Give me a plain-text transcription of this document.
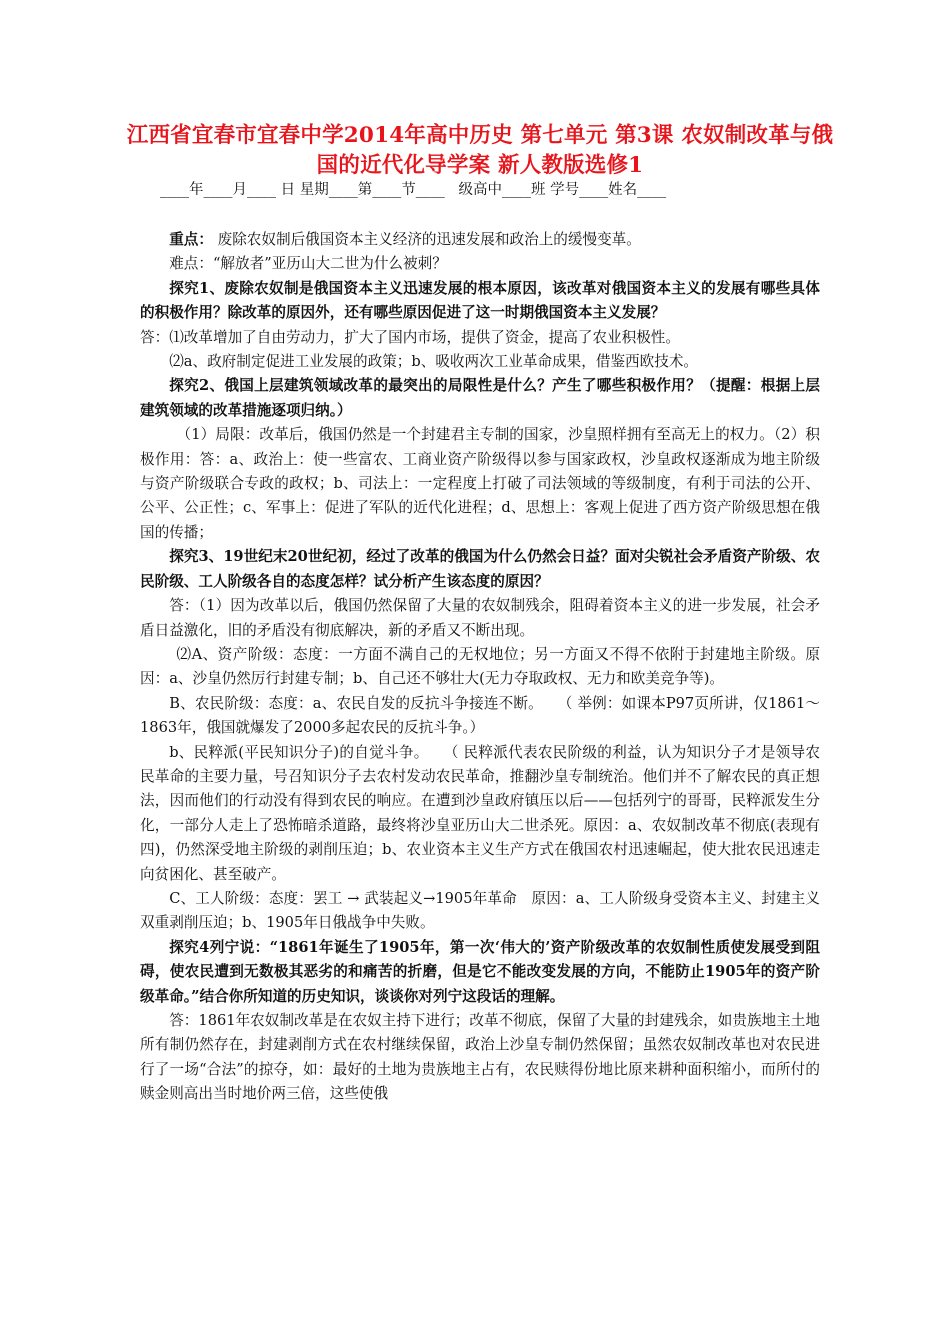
江西省宜春市宜春中学2014年高中历史 第七单元 第3课 农奴制改革与俄国的近代化导学案 新人教版选修1
____年____月____ 日 星期____第____节____   级高中____班 学号____姓名____

重点： 废除农奴制后俄国资本主义经济的迅速发展和政治上的缓慢变革。

难点：“解放者”亚历山大二世为什么被刺？

探究1、废除农奴制是俄国资本主义迅速发展的根本原因，该改革对俄国资本主义的发展有哪些具体的积极作用？除改革的原因外，还有哪些原因促进了这一时期俄国资本主义发展？

答：⑴改革增加了自由劳动力，扩大了国内市场，提供了资金，提高了农业积极性。

⑵a、政府制定促进工业发展的政策；b、吸收两次工业革命成果，借鉴西欧技术。

探究2、俄国上层建筑领域改革的最突出的局限性是什么？产生了哪些积极作用？（提醒：根据上层建筑领域的改革措施逐项归纳。）

（1）局限：改革后，俄国仍然是一个封建君主专制的国家，沙皇照样拥有至高无上的权力。（2）积极作用：答：a、政治上：使一些富农、工商业资产阶级得以参与国家政权，沙皇政权逐渐成为地主阶级与资产阶级联合专政的政权；b、司法上：一定程度上打破了司法领域的等级制度，有利于司法的公开、公平、公正性；c、军事上：促进了军队的近代化进程；d、思想上：客观上促进了西方资产阶级思想在俄国的传播；

探究3、19世纪末20世纪初，经过了改革的俄国为什么仍然会日益？面对尖锐社会矛盾资产阶级、农民阶级、工人阶级各自的态度怎样？试分析产生该态度的原因？

答：（1）因为改革以后，俄国仍然保留了大量的农奴制残余，阻碍着资本主义的进一步发展，社会矛盾日益激化，旧的矛盾没有彻底解决，新的矛盾又不断出现。

⑵A、资产阶级：态度：一方面不满自己的无权地位；另一方面又不得不依附于封建地主阶级。原因：a、沙皇仍然厉行封建专制；b、自己还不够壮大(无力夺取政权、无力和欧美竞争等)。

B、农民阶级：态度：a、农民自发的反抗斗争接连不断。　　（ 举例：如课本P97页所讲，仅1861～1863年，俄国就爆发了2000多起农民的反抗斗争。）

b、民粹派(平民知识分子)的自觉斗争。　　（ 民粹派代表农民阶级的利益，认为知识分子才是领导农民革命的主要力量，号召知识分子去农村发动农民革命，推翻沙皇专制统治。他们并不了解农民的真正想法，因而他们的行动没有得到农民的响应。在遭到沙皇政府镇压以后——包括列宁的哥哥，民粹派发生分化，一部分人走上了恐怖暗杀道路，最终将沙皇亚历山大二世杀死。原因：a、农奴制改革不彻底(表现有四)，仍然深受地主阶级的剥削压迫；b、农业资本主义生产方式在俄国农村迅速崛起，使大批农民迅速走向贫困化、甚至破产。

C、工人阶级：态度：罢工 → 武装起义→1905年革命　原因：a、工人阶级身受资本主义、封建主义双重剥削压迫；b、1905年日俄战争中失败。

探究4列宁说：“1861年诞生了1905年，第一次‘伟大的’资产阶级改革的农奴制性质使发展受到阻碍，使农民遭到无数极其恶劣的和痛苦的折磨，但是它不能改变发展的方向，不能防止1905年的资产阶级革命。”结合你所知道的历史知识，谈谈你对列宁这段话的理解。

答：1861年农奴制改革是在农奴主持下进行；改革不彻底，保留了大量的封建残余，如贵族地主土地所有制仍然存在，封建剥削方式在农村继续保留，政治上沙皇专制仍然保留；虽然农奴制改革也对农民进行了一场“合法”的掠夺，如：最好的土地为贵族地主占有，农民赎得份地比原来耕种面积缩小，而所付的赎金则高出当时地价两三倍，这些使俄
